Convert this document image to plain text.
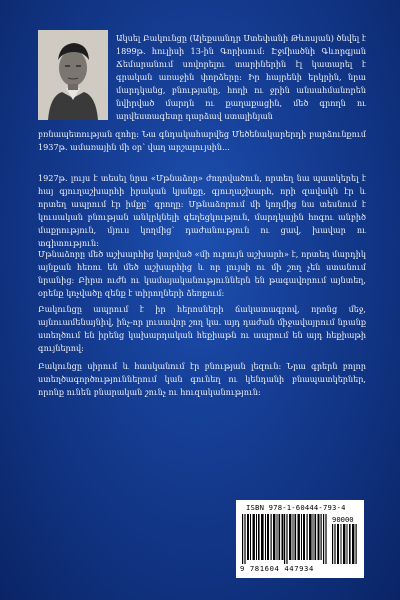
Ակսել Բակունցը (Ալեքսանդր Ստեփանի Թևոսյան) ծնվել է 1899թ. հուլիսի 13-ին Գորիսում: Էջմիածնի Գևորգյան Ճեմարանում սովորելու տարիներին էլ կատարել է գրական առաջին փորձերը: Իր հայրենի երկրին, նրա մարդկանց, բնությանը, հողի ու ջրին անսահմանորեն նվիրված մարդն ու քաղաքացին, մեծ գրողն ու արվեստագետը դարձավ ստալինյան

բռնապետության զոհը: Նա գնդակահարվեց Մեծենակարերդի բարձունքում 1937թ. ամառային մի օր՝ վաղ արշալույսին...

1927թ. լույս է տեսել նրա «Մթնաձոր» ժողովածուն, որտեղ նա պատկերել է հայ գյուղաշխարհի իրական կյանքը, գյուղաշխարհ, որի զավակն էր և որտեղ ապրում էր իմքը՝ գրողը: Մթնաձորում մի կողմից նա տեսնում է կուսական բնության անկրկնելի գեղեցկություն, մարդկային հոգու անբիծ մաքրություն, մյուս կողմից՝ դաժանություն ու ցավ, խավար ու տգիտություն:

Մթնաձորը մեծ աշխարհից կտրված «մի ուրույն աշխարհ» է, որտեղ մարդիկ այնքան հեռու են մեծ աշխարհից և որ լույսի ու մի շող չեն ստանում նրանից: Բիրտ ուժն ու կամայականություններն են թագավորում այնտեղ, օրենք կոչվածը զենք է տիրողների ձեռքում:

Բակունցը ապրում է իր հերոսների ճակատագրով, որոնց մեջ, այնուամենայնիվ, ինչ-որ լուսավոր շող կա. այդ դաժան միջավայրում նրանք ստեղծում են իրենց կախարդական հեքիաթն ու ապրում են այդ հեքիաթի գույներով:

Բակունցը սիրում և հասկանում էր բնության լեզուն: Նրա գրերն բոլոր ստեղծագործություններում կան գունեղ ու կենդանի բնապատկերներ, որոնք ունեն բնարական շունչ ու հուզականություն:

ISBN 978-1-60444-793-4
90000
9 781604 447934
